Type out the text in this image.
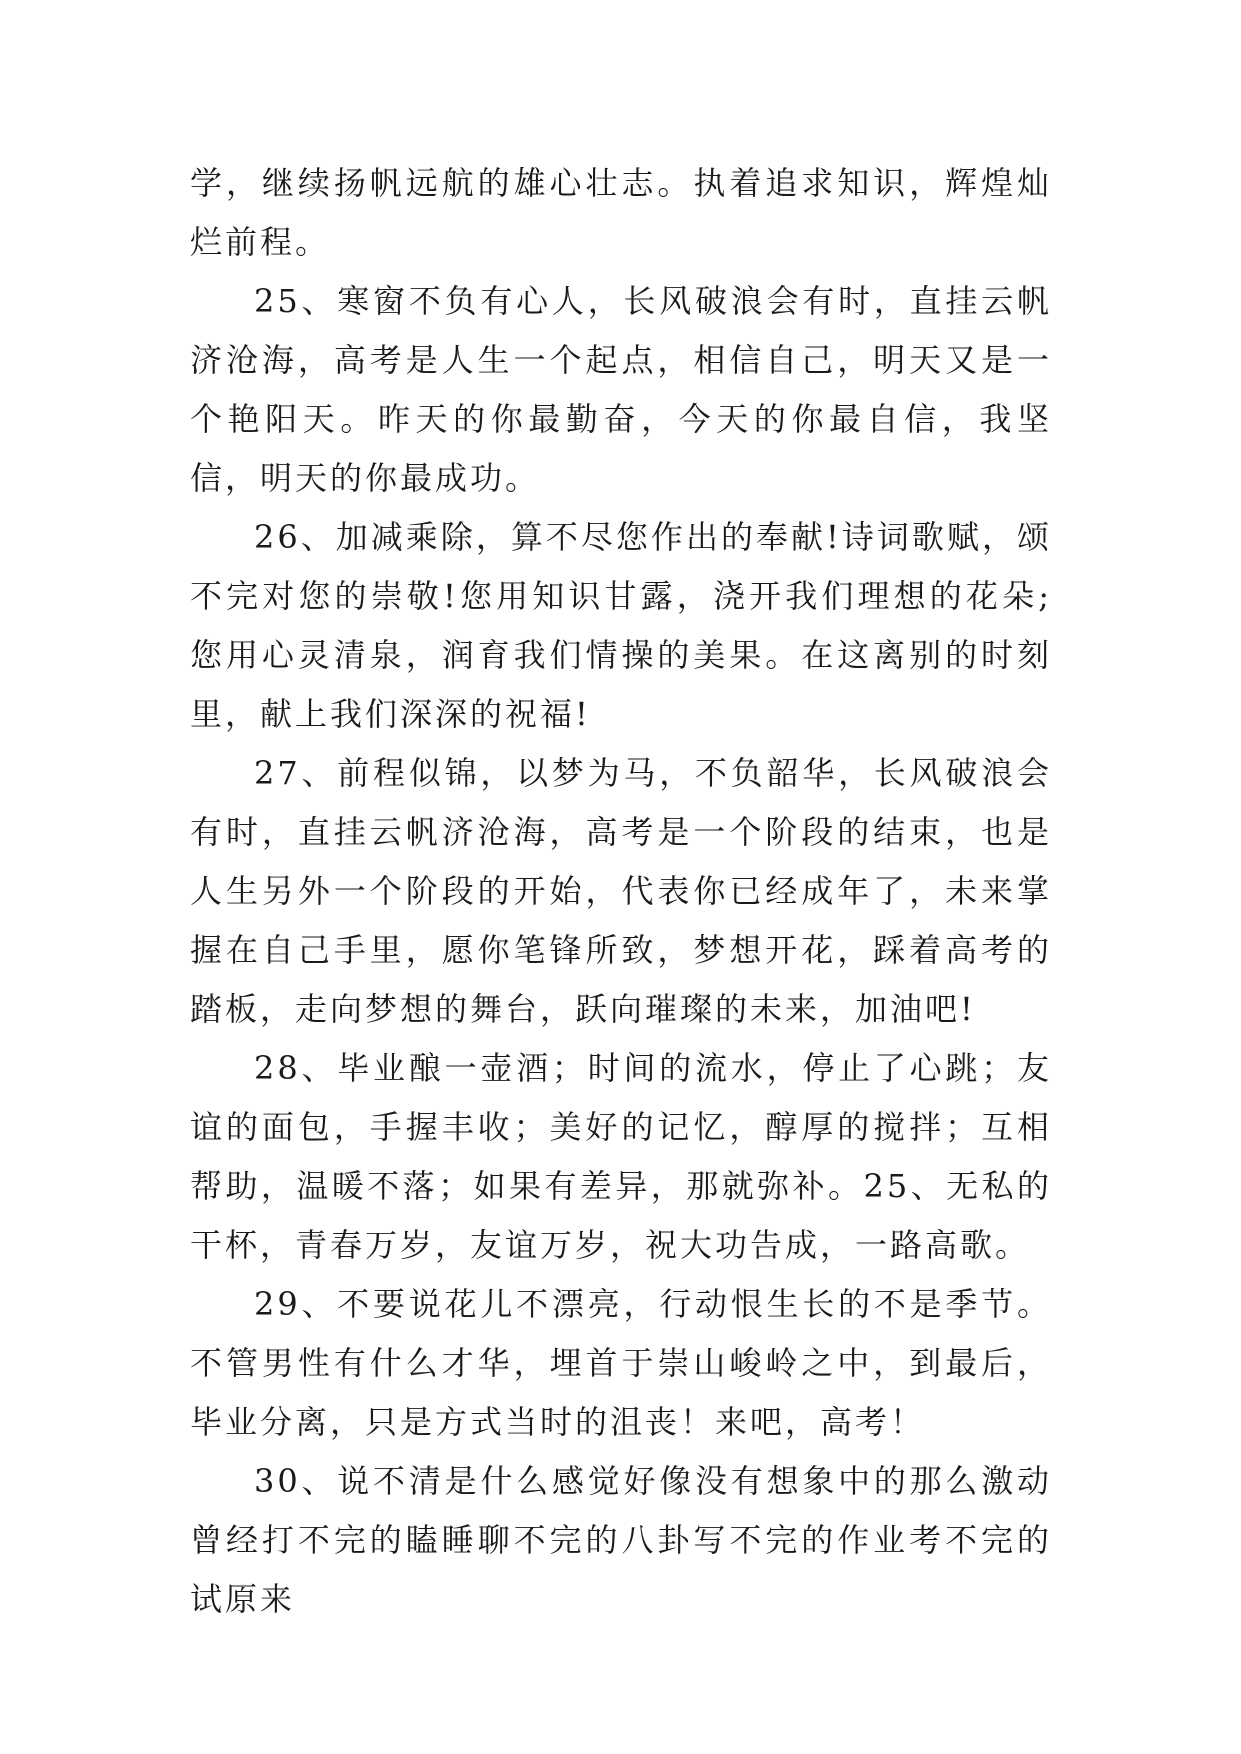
学，继续扬帆远航的雄心壮志。执着追求知识，辉煌灿烂前程。

25、寒窗不负有心人，长风破浪会有时，直挂云帆济沧海，高考是人生一个起点，相信自己，明天又是一个艳阳天。昨天的你最勤奋，今天的你最自信，我坚信，明天的你最成功。

26、加减乘除，算不尽您作出的奉献!诗词歌赋，颂不完对您的崇敬!您用知识甘露，浇开我们理想的花朵;您用心灵清泉，润育我们情操的美果。在这离别的时刻里，献上我们深深的祝福!

27、前程似锦，以梦为马，不负韶华，长风破浪会有时，直挂云帆济沧海，高考是一个阶段的结束，也是人生另外一个阶段的开始，代表你已经成年了，未来掌握在自己手里，愿你笔锋所致，梦想开花，踩着高考的踏板，走向梦想的舞台，跃向璀璨的未来，加油吧!

28、毕业酿一壶酒；时间的流水，停止了心跳；友谊的面包，手握丰收；美好的记忆，醇厚的搅拌；互相帮助，温暖不落；如果有差异，那就弥补。25、无私的干杯，青春万岁，友谊万岁，祝大功告成，一路高歌。

29、不要说花儿不漂亮，行动恨生长的不是季节。不管男性有什么才华，埋首于崇山峻岭之中，到最后，毕业分离，只是方式当时的沮丧！来吧，高考！

30、说不清是什么感觉好像没有想象中的那么激动曾经打不完的瞌睡聊不完的八卦写不完的作业考不完的试原来
